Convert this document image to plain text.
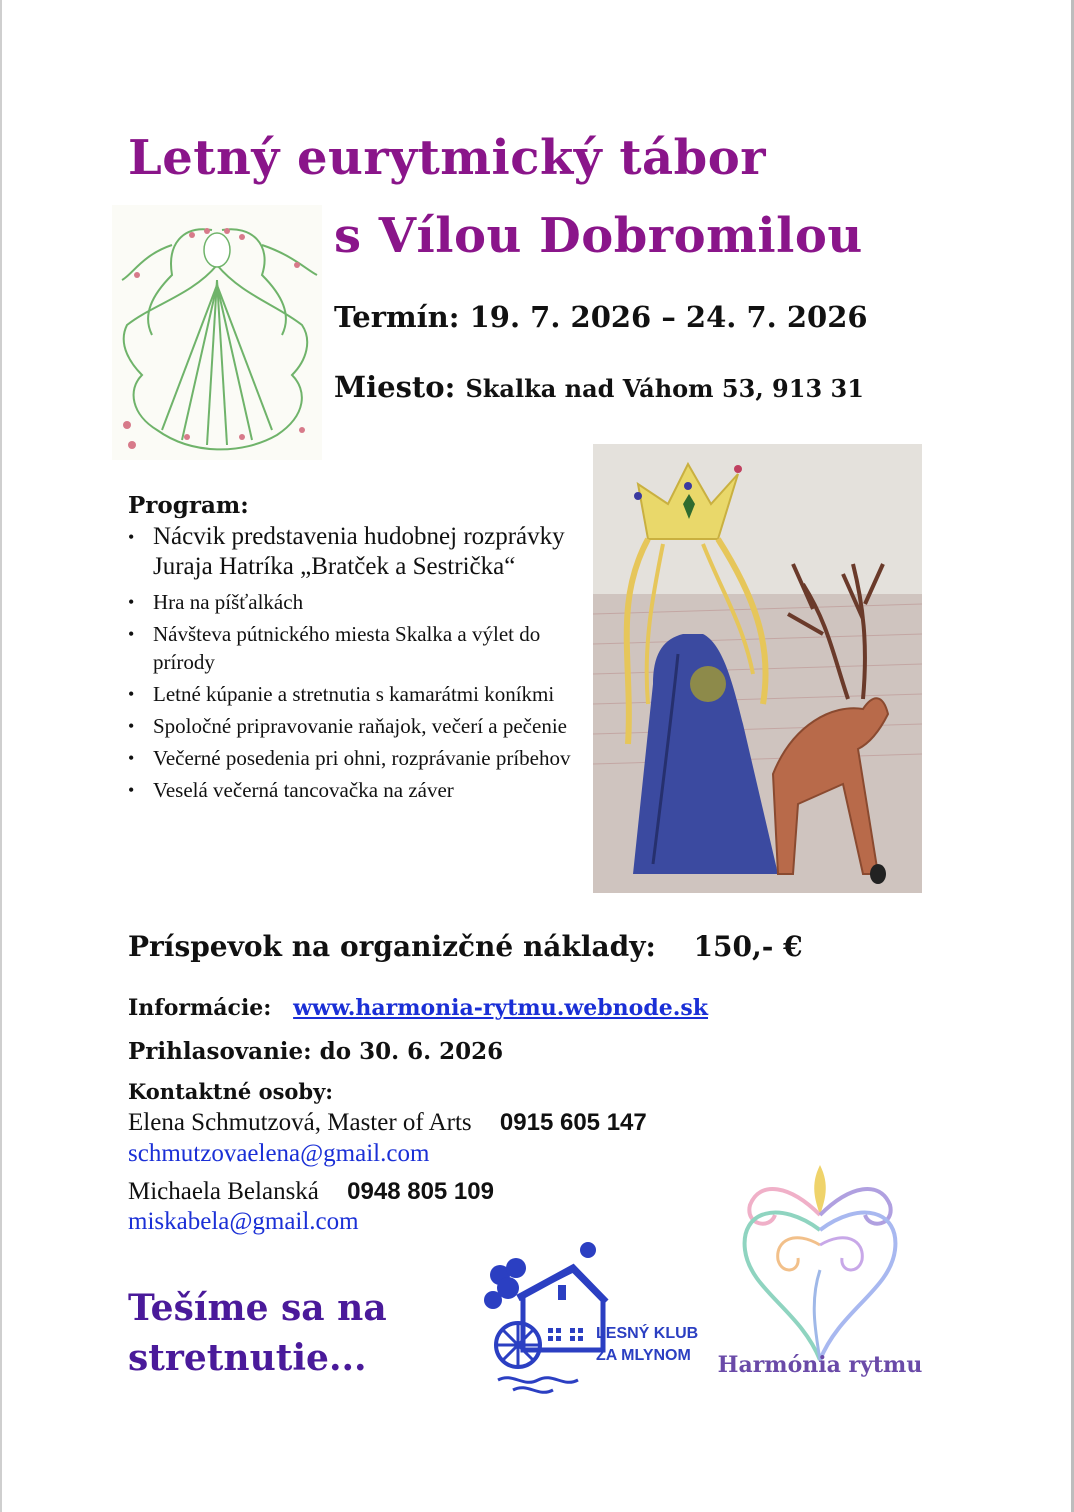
Letný eurytmický tábor
s Vílou Dobromilou
Termín: 19. 7. 2026 – 24. 7. 2026
Miesto: Skalka nad Váhom 53, 913 31
Program:
• Nácvik predstavenia hudobnej rozprávky Juraja Hatríka „Bratček a Sestrička“
• Hra na píšťalkách
• Návšteva pútnického miesta Skalka a výlet do prírody
• Letné kúpanie a stretnutia s kamarátmi koníkmi
• Spoločné pripravovanie raňajok, večerí a pečenie
• Večerné posedenia pri ohni, rozprávanie príbehov
• Veselá večerná tancovačka na záver
Príspevok na organizčné náklady: 150,- €
Informácie: www.harmonia-rytmu.webnode.sk
Prihlasovanie: do 30. 6. 2026
Kontaktné osoby:
Elena Schmutzová, Master of Arts 0915 605 147
schmutzovaelena@gmail.com
Michaela Belanská 0948 805 109
miskabela@gmail.com
Tešíme sa na stretnutie...
LESNÝ KLUB
ZA MLYNOM Harmónia rytmu
